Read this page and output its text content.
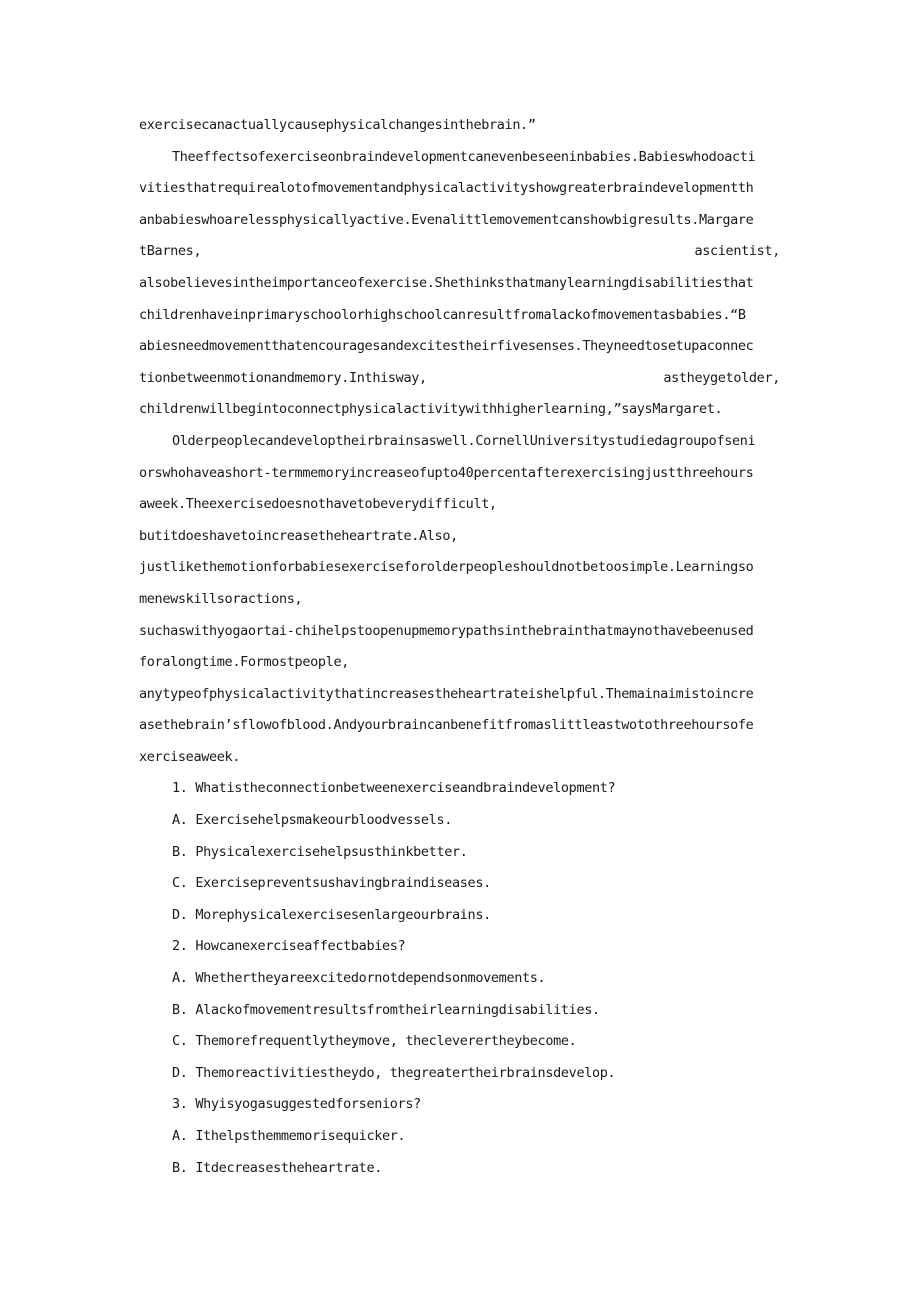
exercisecanactuallycausephysicalchangesinthebrain.”
Theeffectsofexerciseonbraindevelopmentcanevenbeseeninbabies.Babieswhodoacti
vitiesthatrequirealotofmovementandphysicalactivityshowgreaterbraindevelopmentth
anbabieswhoarelessphysicallyactive.Evenalittlemovementcanshowbigresults.Margare
tBarnes,	ascientist,
alsobelievesintheimportanceofexercise.Shethinksthatmanylearningdisabilitiesthat
childrenhaveinprimaryschoolorhighschoolcanresultfromalackofmovementasbabies.“B
abiesneedmovementthatencouragesandexcitestheirfivesenses.Theyneedtosetupaconnec
tionbetweenmotionandmemory.Inthisway,	astheygetolder,
childrenwillbegintoconnectphysicalactivitywithhigherlearning,”saysMargaret.
Olderpeoplecandeveloptheirbrainsaswell.CornellUniversitystudiedagroupofseni
orswhohaveashort-termmemoryincreaseofupto40percentafterexercisingjustthreehours
aweek.Theexercisedoesnothavetobeverydifficult,
butitdoeshavetoincreasetheheartrate.Also,
justlikethemotionforbabiesexerciseforolderpeopleshouldnotbetoosimple.Learningso
menewskillsoractions,
suchaswithyogaortai-chihelpstoopenupmemorypathsinthebrainthatmaynothavebeenused
foralongtime.Formostpeople,
anytypeofphysicalactivitythatincreasestheheartrateishelpful.Themainaimistoincre
asethebrain’sflowofblood.Andyourbraincanbenefitfromaslittleastwotothreehoursofe
xerciseaweek.
1. Whatistheconnectionbetweenexerciseandbraindevelopment?
A. Exercisehelpsmakeourbloodvessels.
B. Physicalexercisehelpsusthinkbetter.
C. Exercisepreventsushavingbraindiseases.
D. Morephysicalexercisesenlargeourbrains.
2. Howcanexerciseaffectbabies?
A. Whethertheyareexcitedornotdependsonmovements.
B. Alackofmovementresultsfromtheirlearningdisabilities.
C. Themorefrequentlytheymove, thecleverertheybecome.
D. Themoreactivitiestheydo, thegreatertheirbrainsdevelop.
3. Whyisyogasuggestedforseniors?
A. Ithelpsthemmemorisequicker.
B. Itdecreasestheheartrate.
